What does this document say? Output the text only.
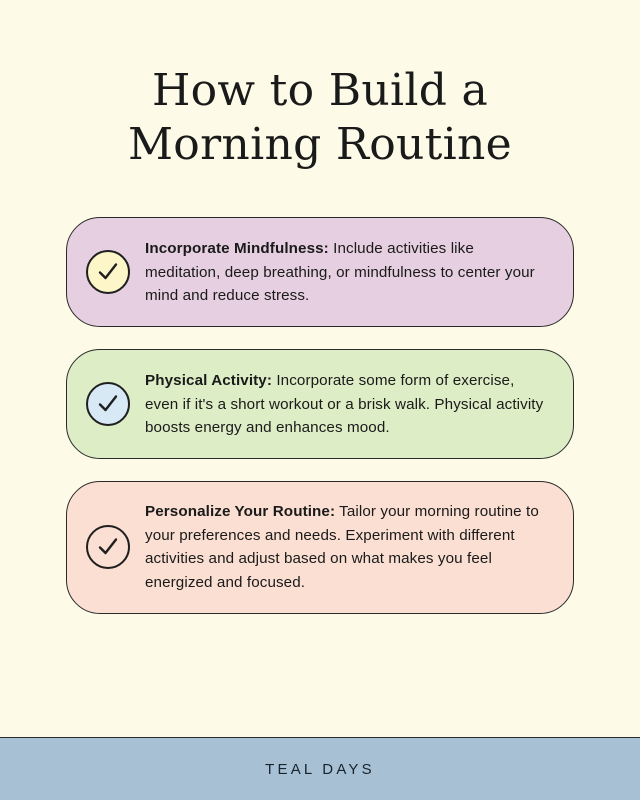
How to Build a
Morning Routine
Incorporate Mindfulness: Include activities like meditation, deep breathing, or mindfulness to center your mind and reduce stress.
Physical Activity: Incorporate some form of exercise, even if it's a short workout or a brisk walk. Physical activity boosts energy and enhances mood.
Personalize Your Routine: Tailor your morning routine to your preferences and needs. Experiment with different activities and adjust based on what makes you feel energized and focused.
TEAL DAYS
